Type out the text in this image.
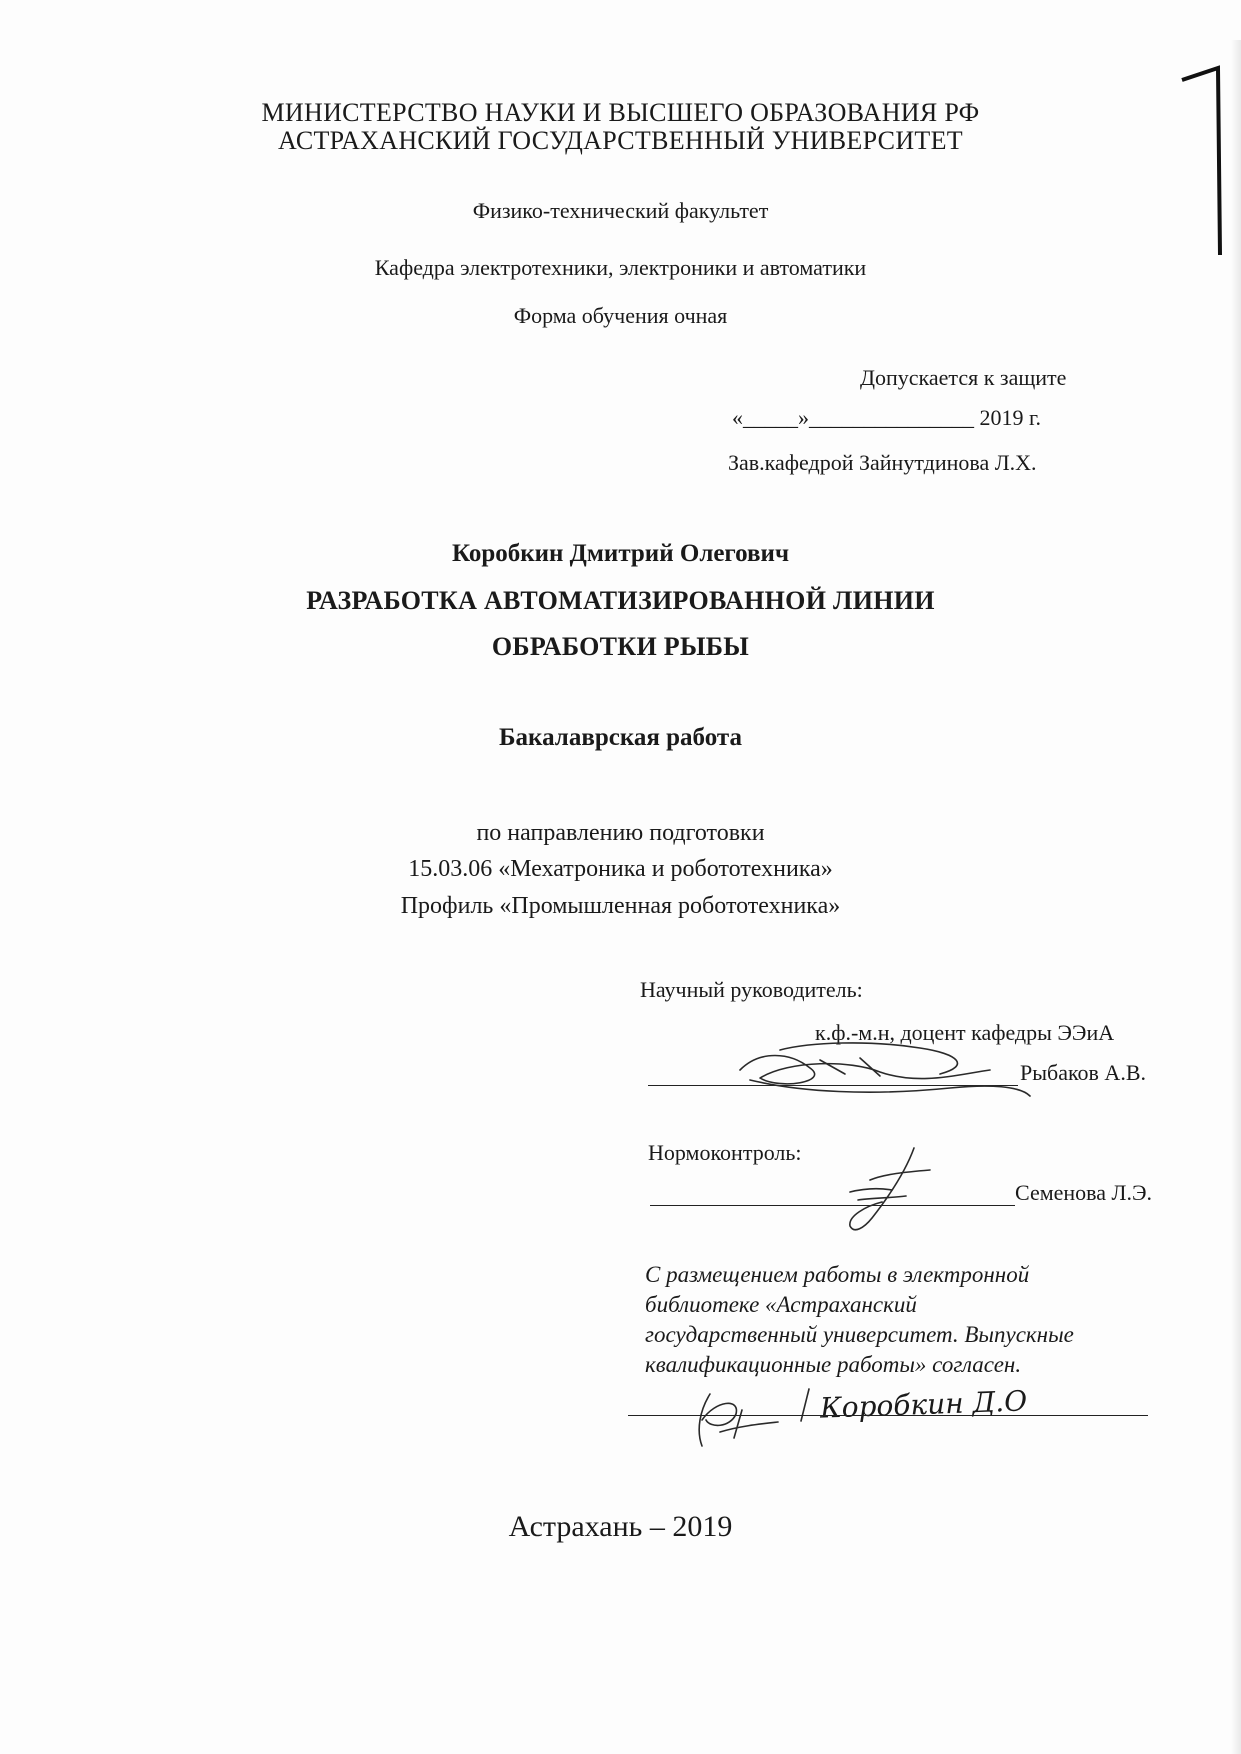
МИНИСТЕРСТВО НАУКИ И ВЫСШЕГО ОБРАЗОВАНИЯ РФ
АСТРАХАНСКИЙ ГОСУДАРСТВЕННЫЙ УНИВЕРСИТЕТ
Физико-технический факультет
Кафедра электротехники, электроники и автоматики
Форма обучения очная
Допускается к защите
«_____»_______________ 2019 г.
Зав.кафедрой Зайнутдинова Л.Х.
Коробкин Дмитрий Олегович
РАЗРАБОТКА АВТОМАТИЗИРОВАННОЙ ЛИНИИ
ОБРАБОТКИ РЫБЫ
Бакалаврская работа
по направлению подготовки
15.03.06 «Мехатроника и робототехника»
Профиль «Промышленная робототехника»
Научный руководитель:
к.ф.-м.н, доцент кафедры ЭЭиА
Рыбаков А.В.
Нормоконтроль:
Семенова Л.Э.
С размещением работы в электронной
библиотеке «Астраханский
государственный университет. Выпускные
квалификационные работы» согласен.
Коробкин Д.О
Астрахань – 2019
